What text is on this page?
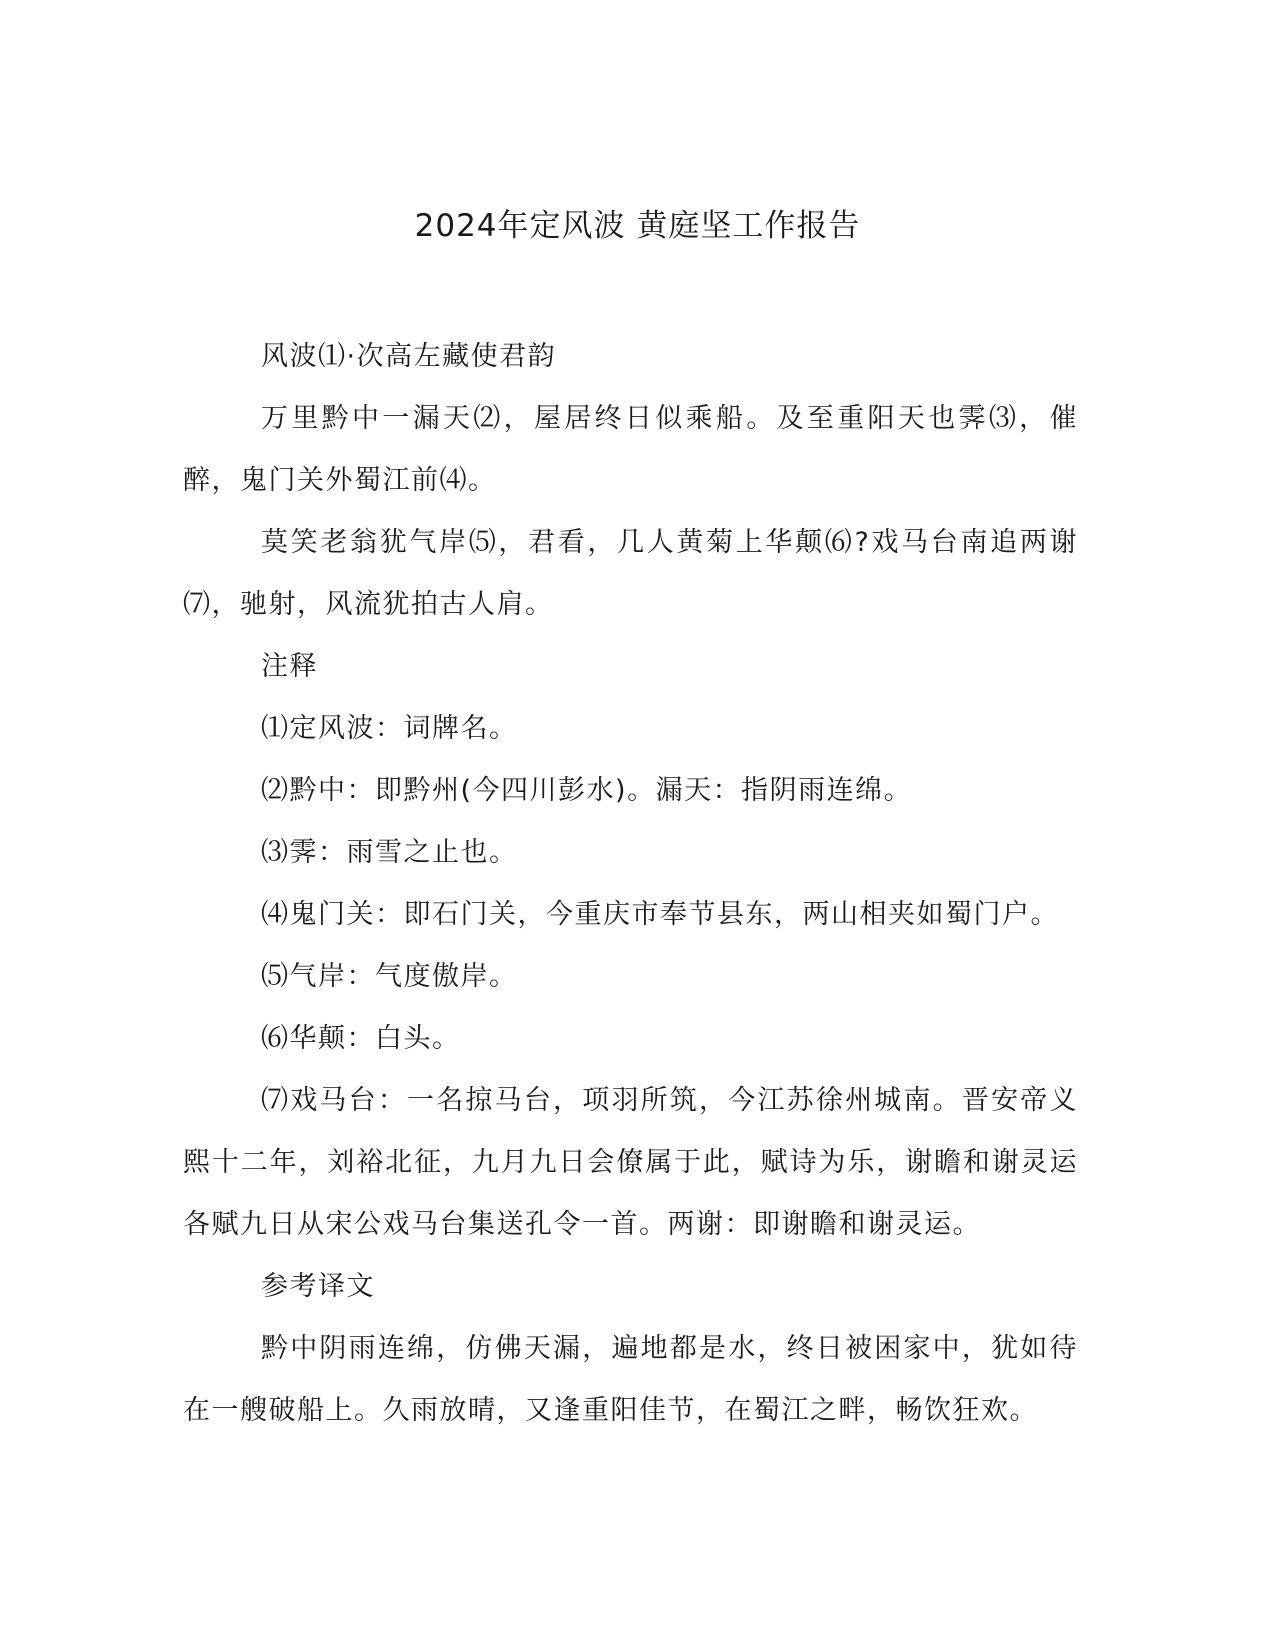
2024年定风波 黄庭坚工作报告

风波⑴·次高左藏使君韵

万里黔中一漏天⑵，屋居终日似乘船。及至重阳天也霁⑶，催醉，鬼门关外蜀江前⑷。

莫笑老翁犹气岸⑸，君看，几人黄菊上华颠⑹?戏马台南追两谢⑺，驰射，风流犹拍古人肩。

注释

⑴定风波：词牌名。

⑵黔中：即黔州(今四川彭水)。漏天：指阴雨连绵。

⑶霁：雨雪之止也。

⑷鬼门关：即石门关，今重庆市奉节县东，两山相夹如蜀门户。

⑸气岸：气度傲岸。

⑹华颠：白头。

⑺戏马台：一名掠马台，项羽所筑，今江苏徐州城南。晋安帝义熙十二年，刘裕北征，九月九日会僚属于此，赋诗为乐，谢瞻和谢灵运各赋九日从宋公戏马台集送孔令一首。两谢：即谢瞻和谢灵运。

参考译文

黔中阴雨连绵，仿佛天漏，遍地都是水，终日被困家中，犹如待在一艘破船上。久雨放晴，又逢重阳佳节，在蜀江之畔，畅饮狂欢。
